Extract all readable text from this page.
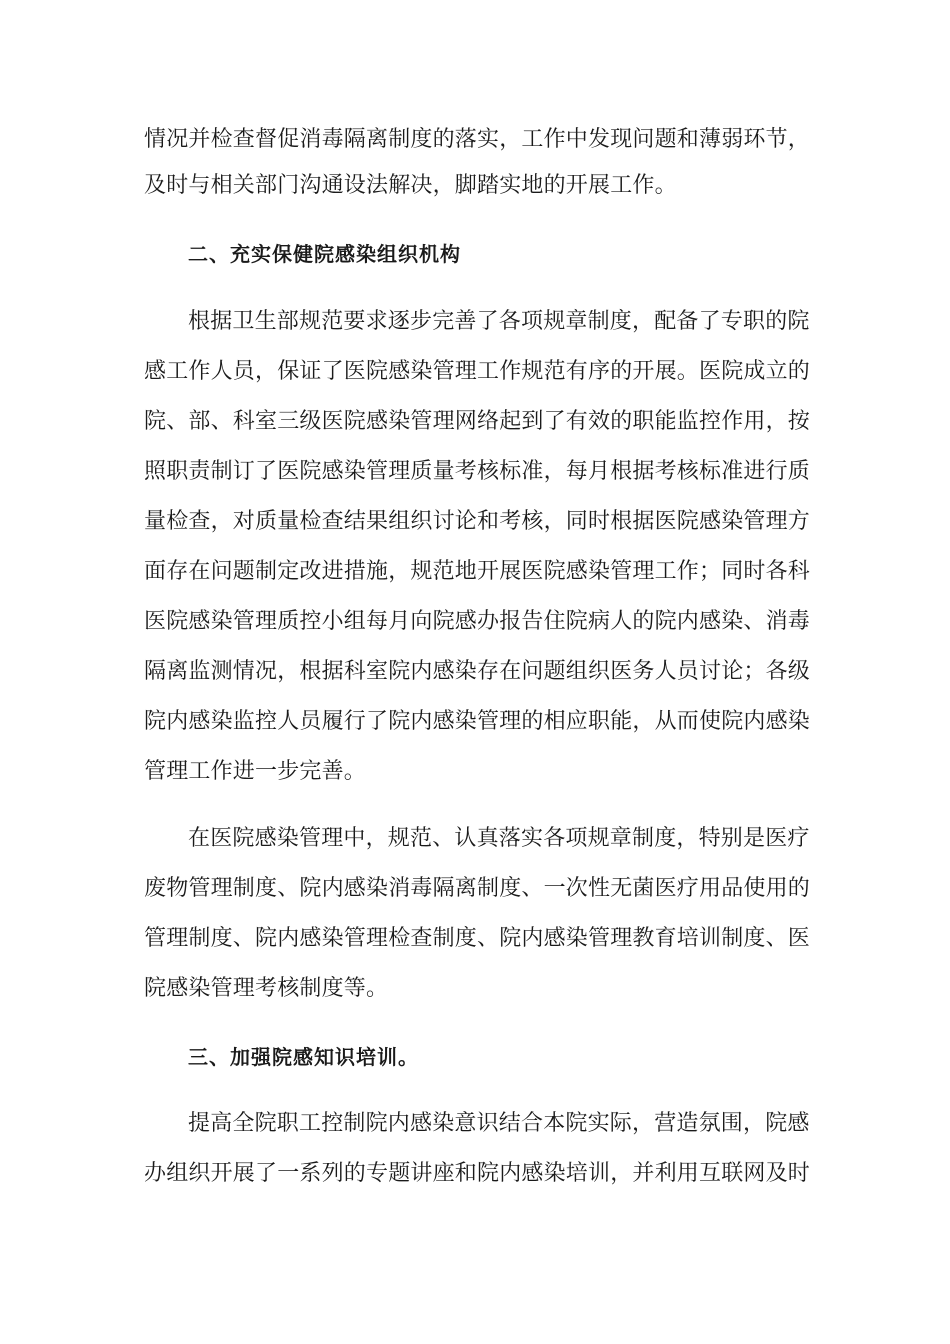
情况并检查督促消毒隔离制度的落实，工作中发现问题和薄弱环节，
及时与相关部门沟通设法解决，脚踏实地的开展工作。
二、充实保健院感染组织机构
根据卫生部规范要求逐步完善了各项规章制度，配备了专职的院
感工作人员，保证了医院感染管理工作规范有序的开展。医院成立的
院、部、科室三级医院感染管理网络起到了有效的职能监控作用，按
照职责制订了医院感染管理质量考核标准，每月根据考核标准进行质
量检查，对质量检查结果组织讨论和考核，同时根据医院感染管理方
面存在问题制定改进措施，规范地开展医院感染管理工作；同时各科
医院感染管理质控小组每月向院感办报告住院病人的院内感染、消毒
隔离监测情况，根据科室院内感染存在问题组织医务人员讨论；各级
院内感染监控人员履行了院内感染管理的相应职能，从而使院内感染
管理工作进一步完善。
在医院感染管理中，规范、认真落实各项规章制度，特别是医疗
废物管理制度、院内感染消毒隔离制度、一次性无菌医疗用品使用的
管理制度、院内感染管理检查制度、院内感染管理教育培训制度、医
院感染管理考核制度等。
三、加强院感知识培训。
提高全院职工控制院内感染意识结合本院实际，营造氛围，院感
办组织开展了一系列的专题讲座和院内感染培训，并利用互联网及时
